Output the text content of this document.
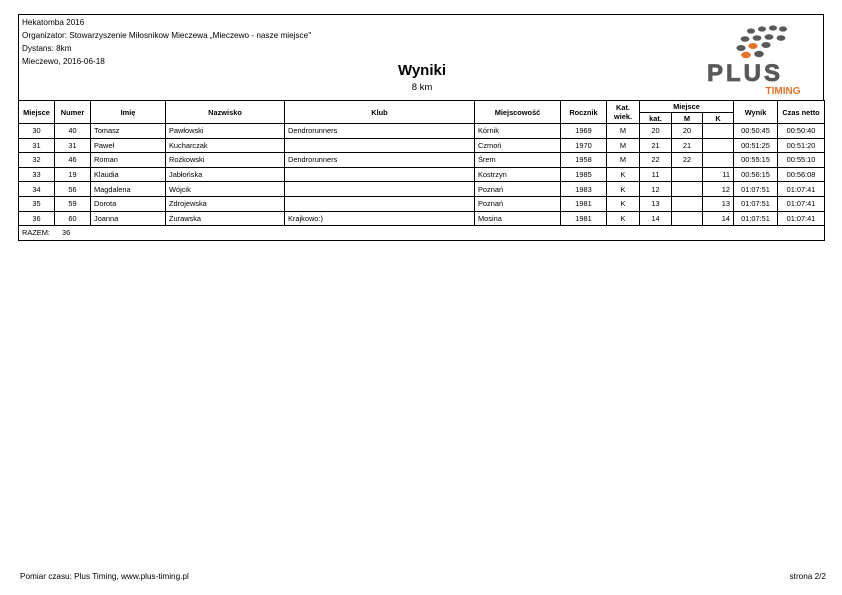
Hekatomba 2016
Organizator: Stowarzyszenie Miłosnikow Mieczewa „Mieczewo - nasze miejsce"
Dystans: 8km
Mieczewo, 2016-06-18
Wyniki
8 km
PLUS
TIMING
Miejsce	Numer	Imię	Nazwisko	Klub	Miejscowość	Rocznik	Kat. wiek.	Miejsce			Wynik	Czas netto
								kat.	M	K		
30	40	Tomasz	Pawłowski	Dendrorunners	Kórnik	1969	M	20	20		00:50:45	00:50:40
31	31	Paweł	Kucharczak		Czmoń	1970	M	21	21		00:51:25	00:51:20
32	46	Roman	Rożkowski	Dendrorunners	Śrem	1958	M	22	22		00:55:15	00:55:10
33	19	Klaudia	Jabłońska		Kostrzyn	1985	K	11		11	00:56:15	00:56:08
34	56	Magdalena	Wójcik		Poznań	1983	K	12		12	01:07:51	01:07:41
35	59	Dorota	Zdrojewska		Poznań	1981	K	13		13	01:07:51	01:07:41
36	60	Joanna	Żurawska	Krajkowo:)	Mosina	1981	K	14		14	01:07:51	01:07:41
RAZEM: 36												
Pomiar czasu: Plus Timing, www.plus-timing.pl	strona 2/2
